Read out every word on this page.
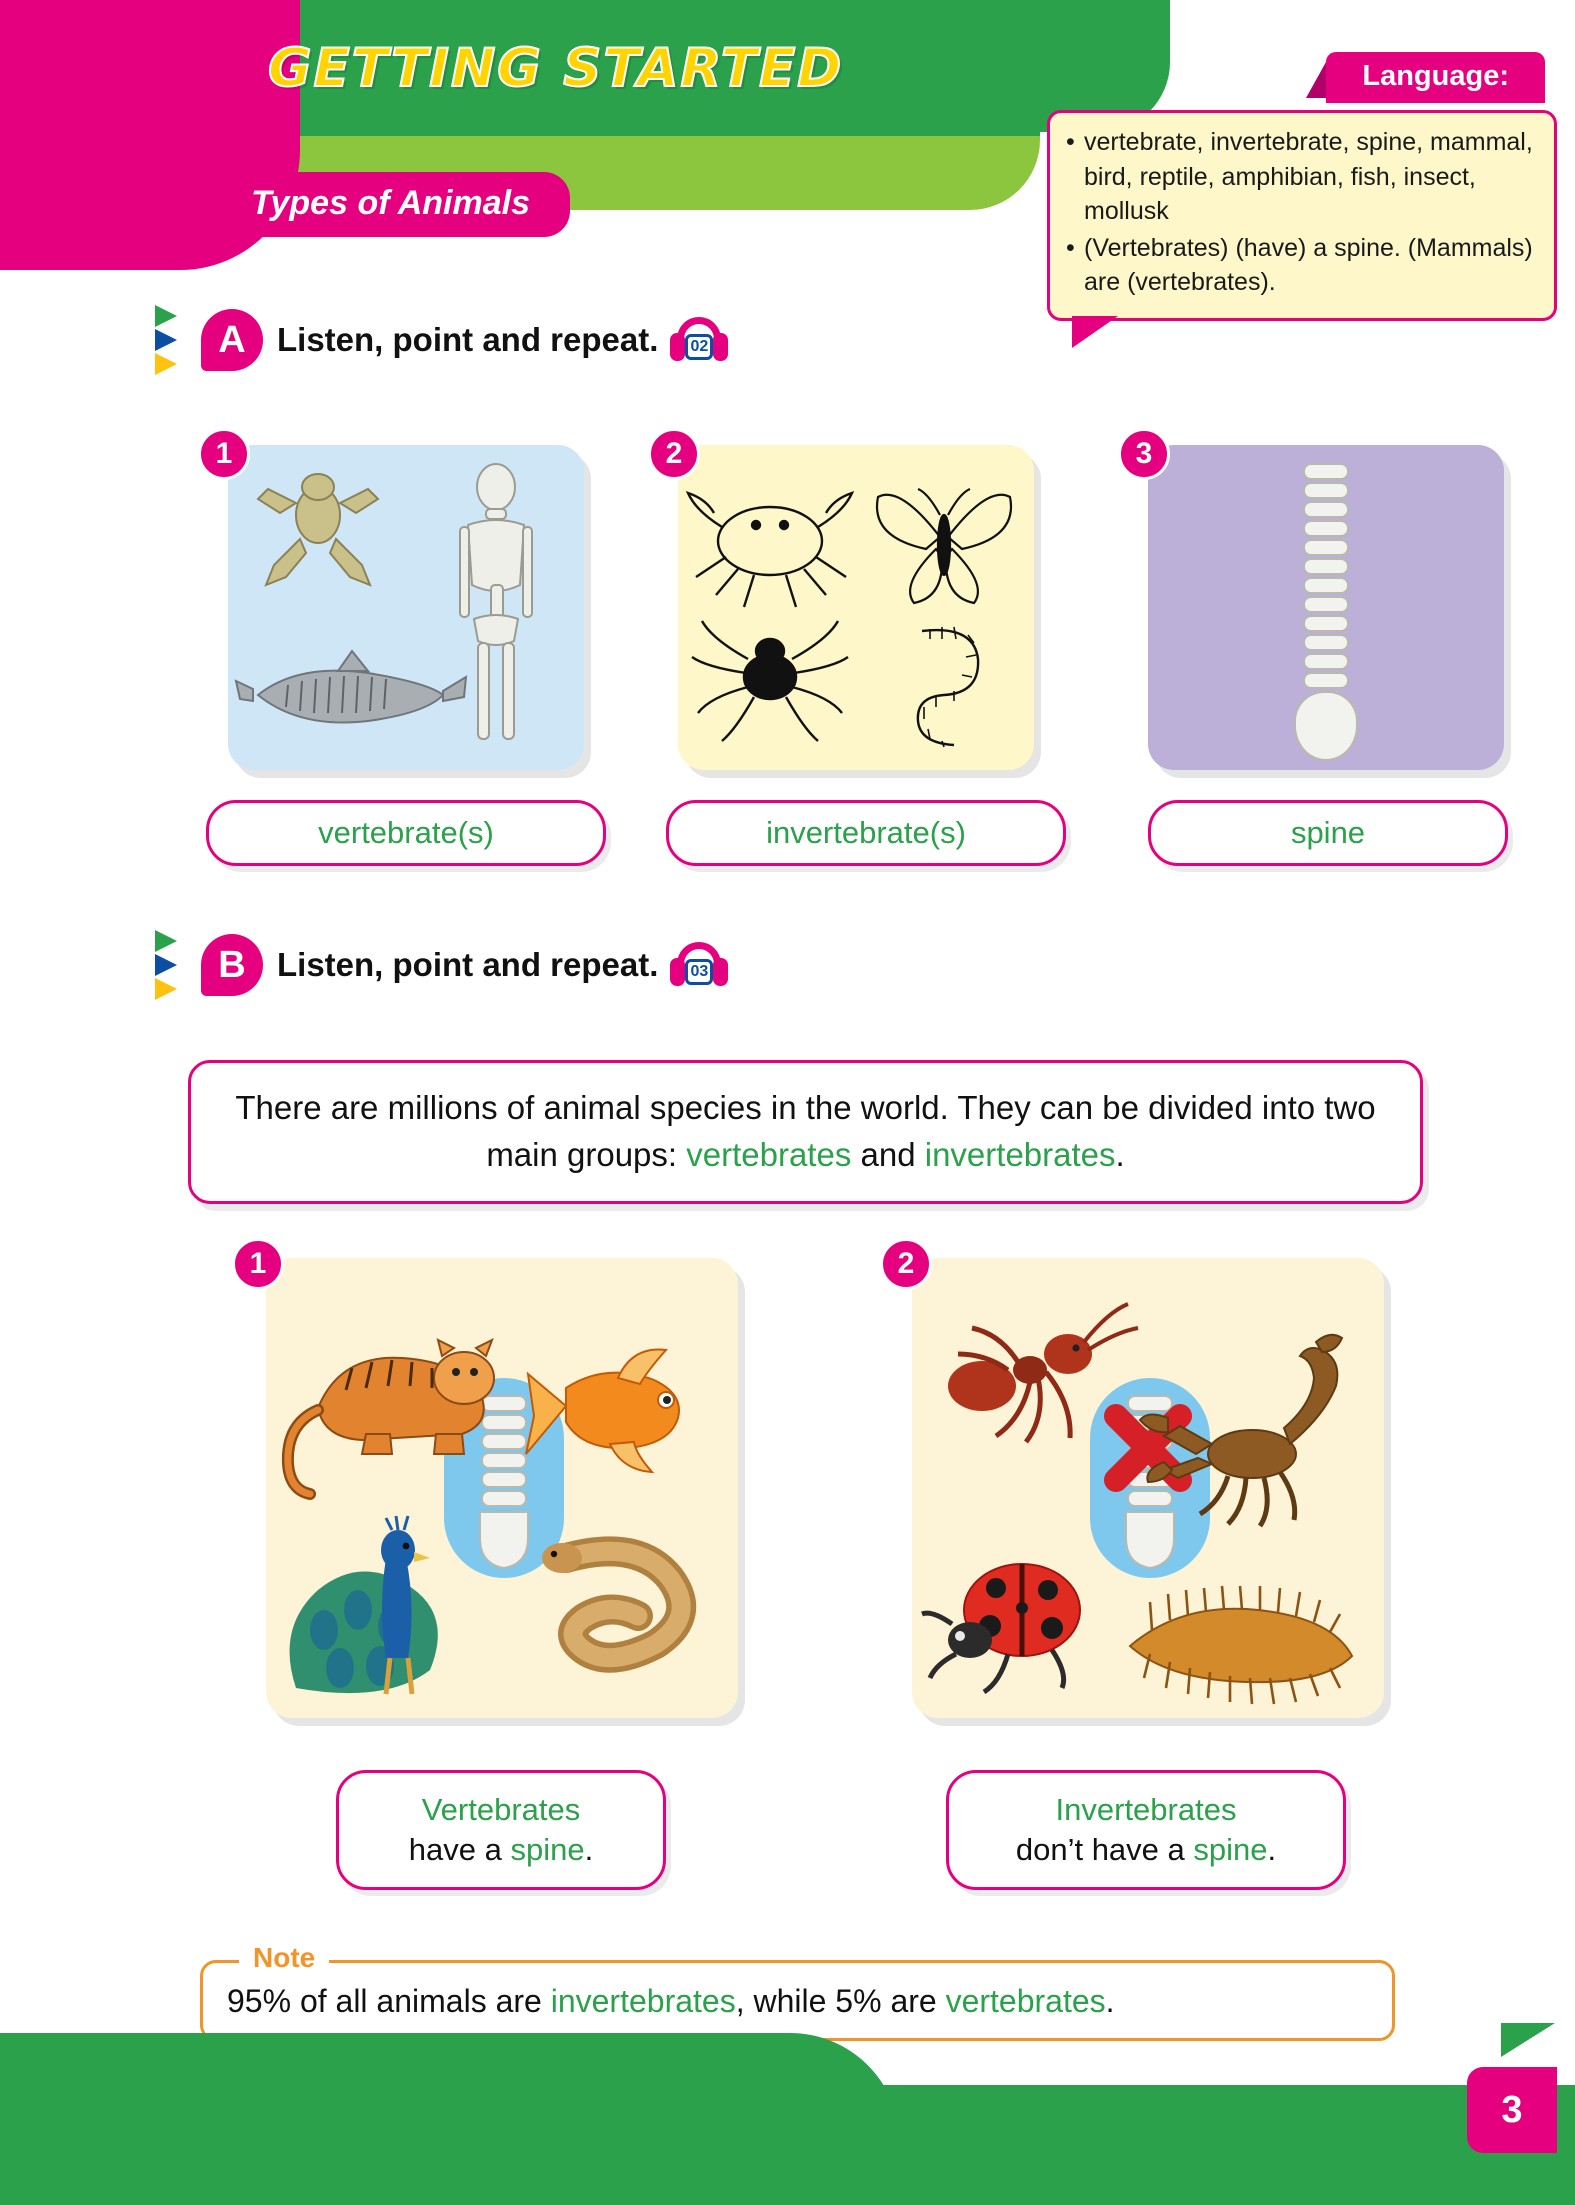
GETTING STARTED
Types of Animals
Language:
• vertebrate, invertebrate, spine, mammal, bird, reptile, amphibian, fish, insect, mollusk
• (Vertebrates) (have) a spine. (Mammals) are (vertebrates).
A Listen, point and repeat.	02
1
vertebrate(s)
2
invertebrate(s)
3
spine
B Listen, point and repeat.	03
There are millions of animal species in the world. They can be divided into two main groups: vertebrates and invertebrates.
1
Vertebrates
have a spine.
2
Invertebrates
don’t have a spine.
Note
95% of all animals are invertebrates, while 5% are vertebrates.
3
